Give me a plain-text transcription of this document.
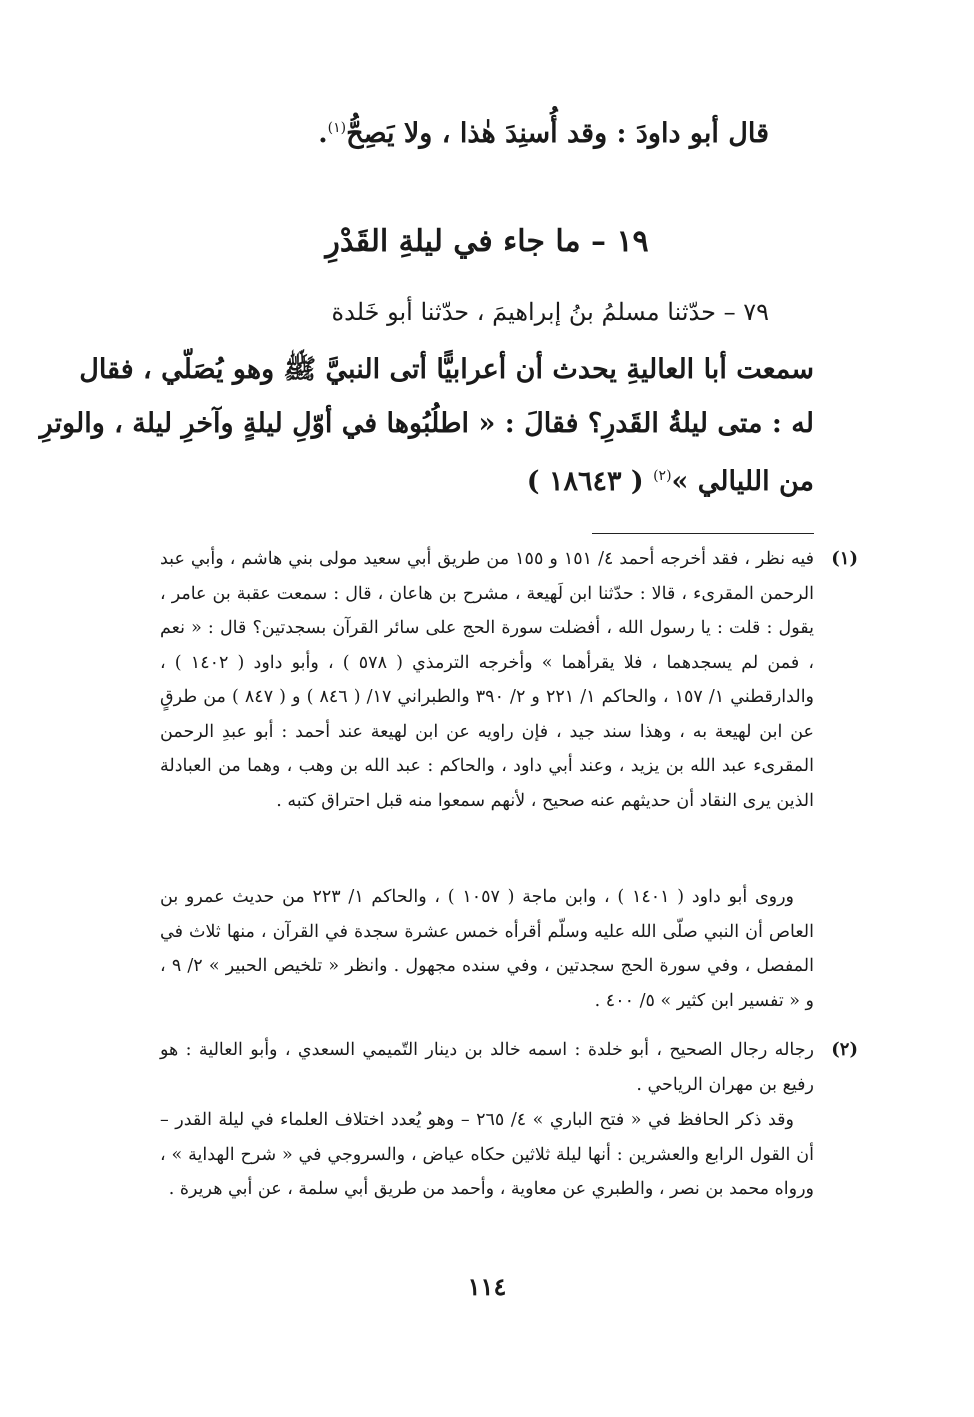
قال أبو داودَ : وقد أُسنِدَ هٰذا ، ولا يَصِحُّ$^{(١)}$.
١٩ – ما جاء في ليلةِ القَدْرِ
٧٩ – حدّثنا مسلمُ بنُ إبراهيمَ ، حدّثنا أبو خَلدة
سمعت أبا العاليةِ يحدث أن أعرابيًّا أتى النبيَّ ﷺ وهو يُصَلّي ، فقال
له : متى ليلةُ القَدرِ؟ فقالَ : « اطلُبُوها في أوّلِ ليلةٍ وآخرِ ليلة ، والوترِ
من الليالي »$^{(٢)}$ ( ١٨٦٤٣ )
(١)
فيه نظر ، فقد أخرجه أحمد ٤/ ١٥١ و ١٥٥ من طريق أبي سعيد مولى بني هاشم ، وأبي عبد الرحمن المقرىء ، قالا : حدّثنا ابن لَهيعة ، مشرح بن هاعان ، قال : سمعت عقبة بن عامر ، يقول : قلت : يا رسول الله ، أفضلت سورة الحج على سائر القرآن بسجدتين؟ قال : « نعم ، فمن لم يسجدهما ، فلا يقرأهما » وأخرجه الترمذي ( ٥٧٨ ) ، وأبو داود ( ١٤٠٢ ) ، والدارقطني ١/ ١٥٧ ، والحاكم ١/ ٢٢١ و ٢/ ٣٩٠ والطبراني ١٧/ ( ٨٤٦ ) و ( ٨٤٧ ) من طرقٍ عن ابن لهيعة به ، وهذا سند جيد ، فإن راويه عن ابن لهيعة عند أحمد : أبو عبدِ الرحمن المقرىء عبد الله بن يزيد ، وعند أبي داود ، والحاكم : عبد الله بن وهب ، وهما من العبادلة الذين يرى النقاد أن حديثهم عنه صحيح ، لأنهم سمعوا منه قبل احتراق كتبه .
وروى أبو داود ( ١٤٠١ ) ، وابن ماجة ( ١٠٥٧ ) ، والحاكم ١/ ٢٢٣ من حديث عمرو بن العاص أن النبي صلّى الله عليه وسلّم أقرأه خمس عشرة سجدة في القرآن ، منها ثلاث في المفصل ، وفي سورة الحج سجدتين ، وفي سنده مجهول . وانظر « تلخيص الحبير » ٢/ ٩ ، و « تفسير ابن كثير » ٥/ ٤٠٠ .
(٢)
رجاله رجال الصحيح ، أبو خلدة : اسمه خالد بن دينار التّميمي السعدي ، وأبو العالية : هو رفيع بن مهران الرياحي .
وقد ذكر الحافظ في « فتح الباري » ٤/ ٢٦٥ – وهو يُعدد اختلاف العلماء في ليلة القدر – أن القول الرابع والعشرين : أنها ليلة ثلاثين حكاه عياض ، والسروجي في « شرح الهداية » ، ورواه محمد بن نصر ، والطبري عن معاوية ، وأحمد من طريق أبي سلمة ، عن أبي هريرة .
١١٤
